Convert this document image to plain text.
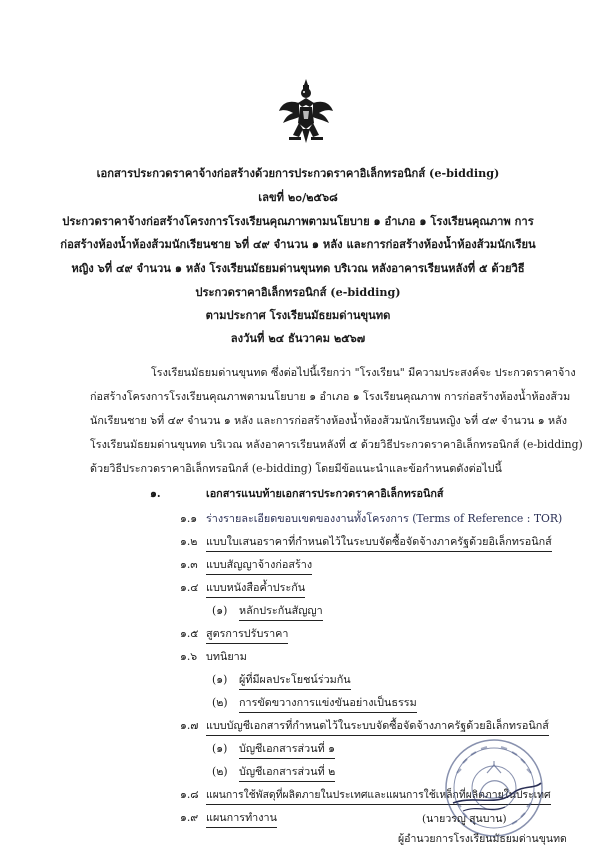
เอกสารประกวดราคาจ้างก่อสร้างด้วยการประกวดราคาอิเล็กทรอนิกส์ (e-bidding)
เลขที่ ๒๐/๒๕๖๘
ประกวดราคาจ้างก่อสร้างโครงการโรงเรียนคุณภาพตามนโยบาย ๑ อำเภอ ๑ โรงเรียนคุณภาพ การ
ก่อสร้างห้องน้ำห้องส้วมนักเรียนชาย ๖ที่ ๔๙ จำนวน ๑ หลัง และการก่อสร้างห้องน้ำห้องส้วมนักเรียน
หญิง ๖ที่ ๔๙ จำนวน ๑ หลัง โรงเรียนมัธยมด่านขุนทด บริเวณ หลังอาคารเรียนหลังที่ ๕ ด้วยวิธี
ประกวดราคาอิเล็กทรอนิกส์ (e-bidding)
ตามประกาศ โรงเรียนมัธยมด่านขุนทด
ลงวันที่ ๒๔ ธันวาคม ๒๕๖๗
โรงเรียนมัธยมด่านขุนทด ซึ่งต่อไปนี้เรียกว่า "โรงเรียน" มีความประสงค์จะ ประกวดราคาจ้าง
ก่อสร้างโครงการโรงเรียนคุณภาพตามนโยบาย ๑ อำเภอ ๑ โรงเรียนคุณภาพ การก่อสร้างห้องน้ำห้องส้วม
นักเรียนชาย ๖ที่ ๔๙ จำนวน ๑ หลัง และการก่อสร้างห้องน้ำห้องส้วมนักเรียนหญิง ๖ที่ ๔๙ จำนวน ๑ หลัง
โรงเรียนมัธยมด่านขุนทด บริเวณ หลังอาคารเรียนหลังที่ ๕ ด้วยวิธีประกวดราคาอิเล็กทรอนิกส์ (e-bidding)
ด้วยวิธีประกวดราคาอิเล็กทรอนิกส์ (e-bidding) โดยมีข้อแนะนำและข้อกำหนดดังต่อไปนี้
๑.	เอกสารแนบท้ายเอกสารประกวดราคาอิเล็กทรอนิกส์
๑.๑ ร่างรายละเอียดขอบเขตของงานทั้งโครงการ (Terms of Reference : TOR)
๑.๒ แบบใบเสนอราคาที่กำหนดไว้ในระบบจัดซื้อจัดจ้างภาครัฐด้วยอิเล็กทรอนิกส์
๑.๓ แบบสัญญาจ้างก่อสร้าง
๑.๔ แบบหนังสือค้ำประกัน
(๑) หลักประกันสัญญา
๑.๕ สูตรการปรับราคา
๑.๖ บทนิยาม
(๑) ผู้ที่มีผลประโยชน์ร่วมกัน
(๒) การขัดขวางการแข่งขันอย่างเป็นธรรม
๑.๗ แบบบัญชีเอกสารที่กำหนดไว้ในระบบจัดซื้อจัดจ้างภาครัฐด้วยอิเล็กทรอนิกส์
(๑) บัญชีเอกสารส่วนที่ ๑
(๒) บัญชีเอกสารส่วนที่ ๒
๑.๘ แผนการใช้พัสดุที่ผลิตภายในประเทศและแผนการใช้เหล็กที่ผลิตภายในประเทศ
๑.๙ แผนการทำงาน	(นายวรญู สุนบาน)
ผู้อำนวยการโรงเรียนมัธยมด่านขุนทด
